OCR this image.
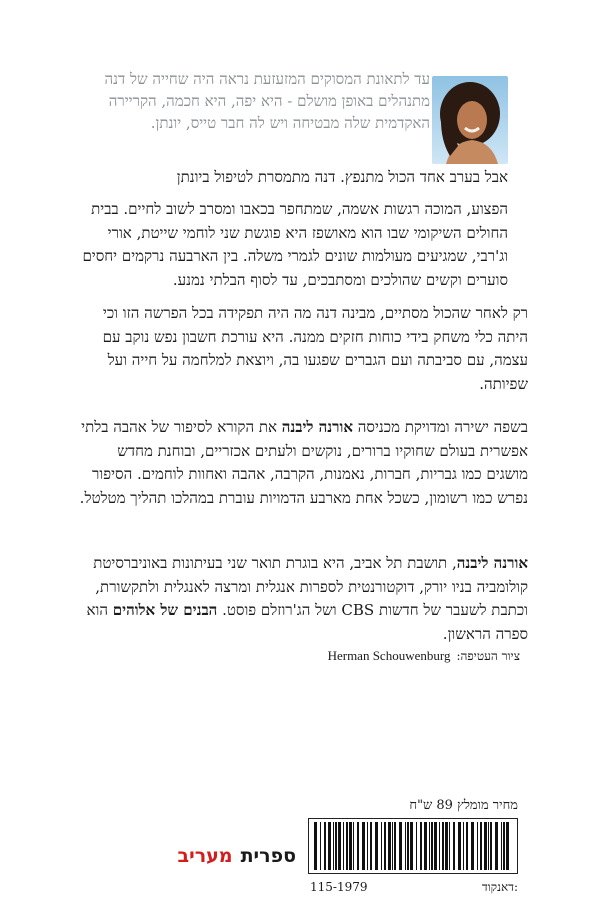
עד לתאונת המסוקים המזעזעת נראה היה שחייה של דנה

מתנהלים באופן מושלם - היא יפה, היא חכמה, הקריירה

האקדמית שלה מבטיחה ויש לה חבר טייס, יונתן.

אבל בערב אחד הכול מתנפץ. דנה מתמסרת לטיפול ביונתן
הפצוע, המוכה רגשות אשמה, שמתחפר בכאבו ומסרב לשוב לחיים. בבית החולים השיקומי שבו הוא מאושפז היא פוגשת שני לוחמי שייטת, אורי וג'רבי, שמגיעים מעולמות שונים לגמרי משלה. בין הארבעה נרקמים יחסים סוערים וקשים שהולכים ומסתבכים, עד לסוף הבלתי נמנע.

רק לאחר שהכול מסתיים, מבינה דנה מה היה תפקידה בכל הפרשה הזו וכי היתה כלי משחק בידי כוחות חזקים ממנה. היא עורכת חשבון נפש נוקב עם עצמה, עם סביבתה ועם הגברים שפגעו בה, ויוצאת למלחמה על חייה ועל שפיותה.

בשפה ישירה ומדויקת מכניסה אורנה ליבנה את הקורא לסיפור של אהבה בלתי אפשרית בעולם שחוקיו ברורים, נוקשים ולעתים אכזריים, ובוחנת מחדש מושגים כמו גבריות, חברות, נאמנות, הקרבה, אהבה ואחוות לוחמים. הסיפור נפרש כמו רשומון, כשכל אחת מארבע הדמויות עוברת במהלכו תהליך מטלטל.

אורנה ליבנה, תושבת תל אביב, היא בוגרת תואר שני בעיתונות באוניברסיטת קולומביה בניו יורק, דוקטורנטית לספרות אנגלית ומרצה לאנגלית ולתקשורת, וכתבת לשעבר של חדשות CBS ושל הג'רוזלם פוסט. הבנים של אלוהים הוא ספרה הראשון.

ציור העטיפה:
Herman Schouwenburg
ספרית
מעריב
מחיר מומלץ 89 ש"ח
דאנקוד:
115-1979
